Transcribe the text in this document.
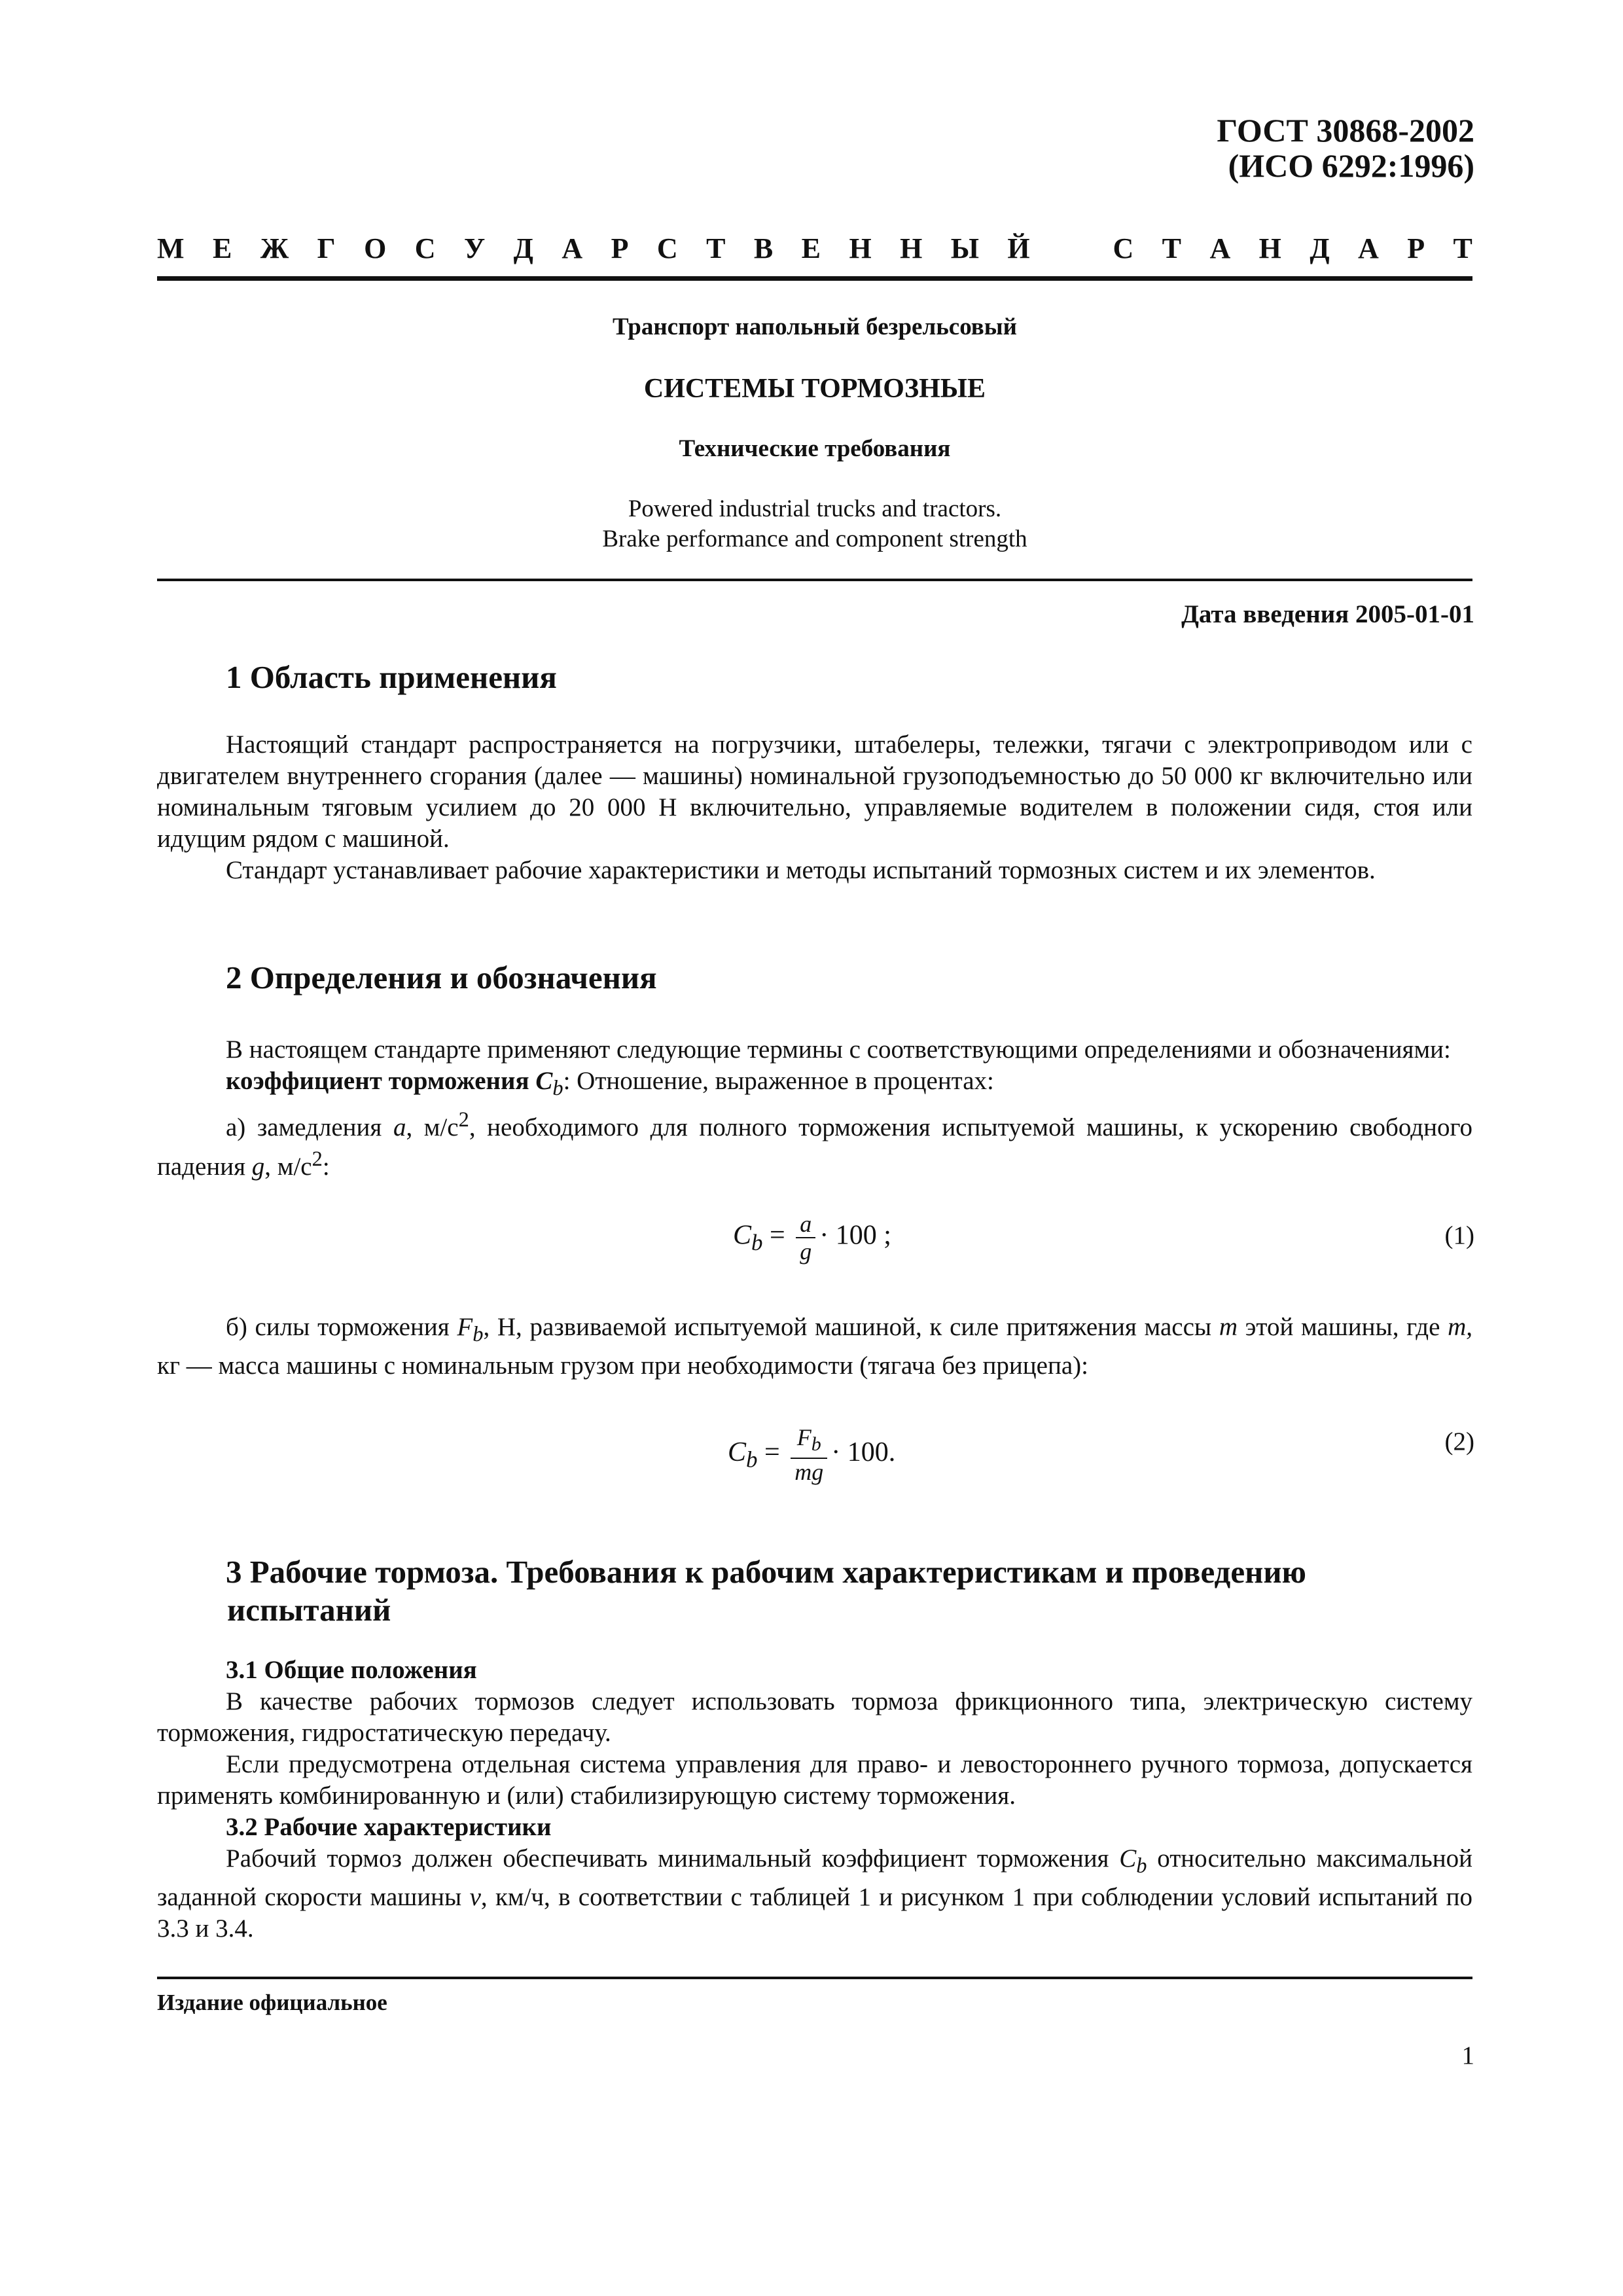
ГОСТ 30868-2002
(ИСО 6292:1996)
М Е Ж Г О С У Д А Р С Т В Е Н Н Ы Й	С Т А Н Д А Р Т
Транспорт напольный безрельсовый
СИСТЕМЫ ТОРМОЗНЫЕ
Технические требования
Powered industrial trucks and tractors.
Brake performance and component strength
Дата введения 2005-01-01
1 Область применения

Настоящий стандарт распространяется на погрузчики, штабелеры, тележки, тягачи с электроприводом или с двигателем внутреннего сгорания (далее — машины) номинальной грузоподъемностью до 50 000 кг включительно или номинальным тяговым усилием до 20 000 Н включительно, управляемые водителем в положении сидя, стоя или идущим рядом с машиной.

Стандарт устанавливает рабочие характеристики и методы испытаний тормозных систем и их элементов.

2 Определения и обозначения

В настоящем стандарте применяют следующие термины с соответствующими определениями и обозначениями:

коэффициент торможения $C_b$: Отношение, выраженное в процентах:

а) замедления a, $м/с^2$, необходимого для полного торможения испытуемой машины, к ускорению свободного падения g, $м/с^2$:

$C_b = \frac{a}{g} \cdot 100$ ;	(1)

б) силы торможения $F_b$, Н, развиваемой испытуемой машиной, к силе притяжения массы m этой машины, где m, кг — масса машины с номинальным грузом при необходимости (тягача без прицепа):

$C_b = \frac{F_b}{mg} \cdot 100$.	(2)
3 Рабочие тормоза. Требования к рабочим характеристикам и проведению
испытаний

3.1 Общие положения

В качестве рабочих тормозов следует использовать тормоза фрикционного типа, электрическую систему торможения, гидростатическую передачу.

Если предусмотрена отдельная система управления для право- и левостороннего ручного тормоза, допускается применять комбинированную и (или) стабилизирующую систему торможения.

3.2 Рабочие характеристики

Рабочий тормоз должен обеспечивать минимальный коэффициент торможения $C_b$ относительно максимальной заданной скорости машины v, км/ч, в соответствии с таблицей 1 и рисунком 1 при соблюдении условий испытаний по 3.3 и 3.4.

Издание официальное
1
